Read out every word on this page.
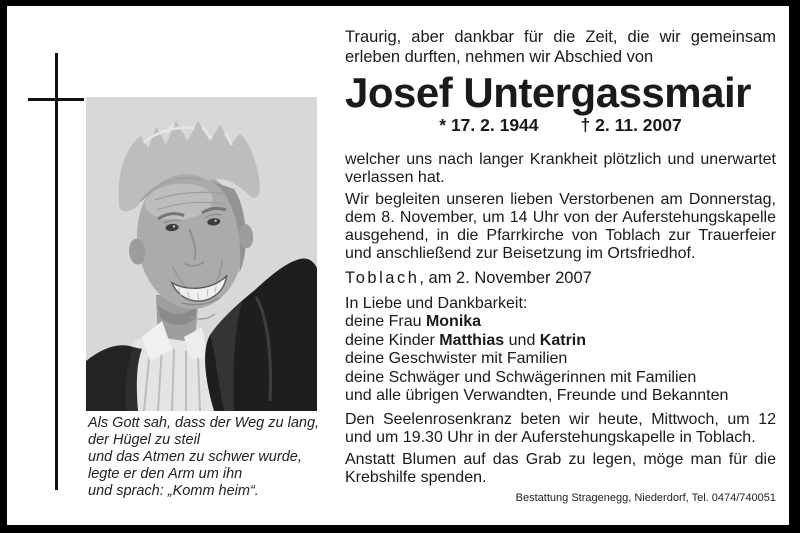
Als Gott sah, dass der Weg zu lang,
der Hügel zu steil
und das Atmen zu schwer wurde,
legte er den Arm um ihn
und sprach: „Komm heim“.
Traurig, aber dankbar für die Zeit, die wir gemeinsam erleben durften, nehmen wir Abschied von
Josef Untergassmair
* 17. 2. 1944 † 2. 11. 2007
welcher uns nach langer Krankheit plötzlich und unerwartet verlassen hat.
Wir begleiten unseren lieben Verstorbenen am Donnerstag, dem 8. November, um 14 Uhr von der Auferstehungskapelle ausgehend, in die Pfarrkirche von Toblach zur Trauerfeier und anschließend zur Beisetzung im Ortsfriedhof.
Toblach, am 2. November 2007
In Liebe und Dankbarkeit:
deine Frau Monika
deine Kinder Matthias und Katrin
deine Geschwister mit Familien
deine Schwäger und Schwägerinnen mit Familien
und alle übrigen Verwandten, Freunde und Bekannten
Den Seelenrosenkranz beten wir heute, Mittwoch, um 12 und um 19.30 Uhr in der Auferstehungskapelle in Toblach.
Anstatt Blumen auf das Grab zu legen, möge man für die Krebshilfe spenden.
Bestattung Stragenegg, Niederdorf, Tel. 0474/740051
